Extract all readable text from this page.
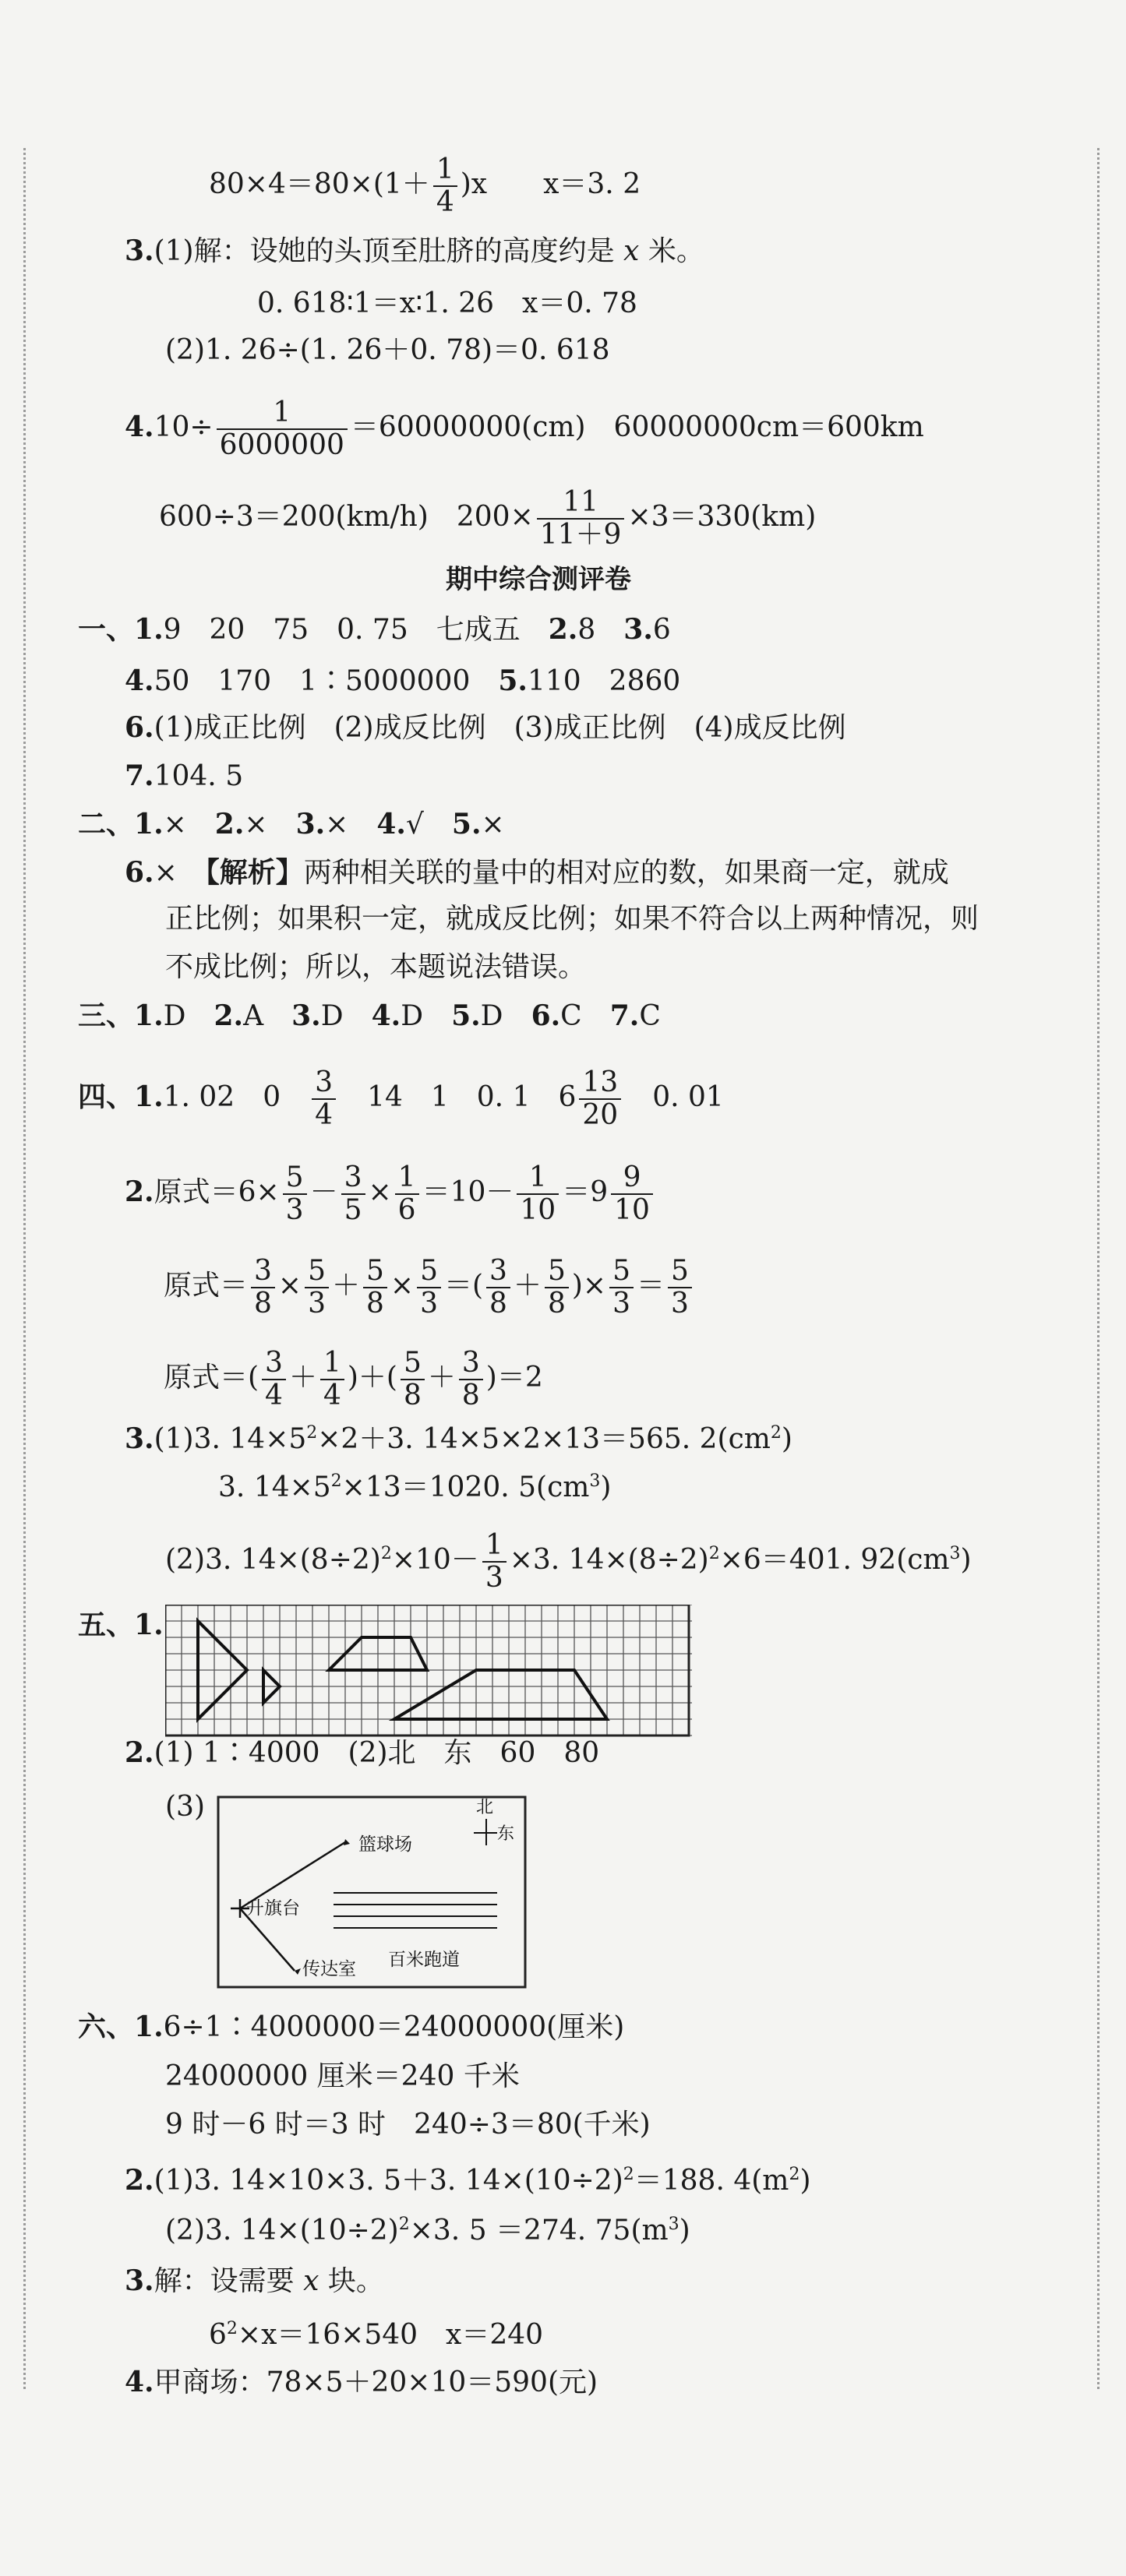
$80\times 4=80\times(1+ \frac{1}{4} )x$　　 x＝3. 2
3.(1)解：设她的头顶至肚脐的高度约是 x 米。
0. 618∶1＝x∶1. 26　x＝0. 78
(2)1. 26÷(1. 26＋0. 78)＝0. 618
$4.10\div \frac{1}{6000000} =60000000(cm)$　60000000cm＝600km
600÷3＝200(km/h)　$200\times \frac{11}{11+9} \times 3=330(km)$
期中综合测评卷
一、1.9　20　75　0. 75　七成五　 2.8　 3.6
4.50　170　1∶5000000　 5.110　2860
6.(1)成正比例　(2)成反比例　(3)成正比例　(4)成反比例
7.104. 5
二、1.×　 2.×　 3.×　 4.√　 5.×
6.×　 【解析】两种相关联的量中的相对应的数，如果商一定，就成
正比例；如果积一定，就成反比例；如果不符合以上两种情况，则
不成比例；所以，本题说法错误。
三、1.D　 2.A　 3.D　 4.D　 5.D　 6.C　 7.C
四、1.1. 02　0　 $\frac{3}{4}$
　 14　1　0. 1　$6 \frac{13}{20}$
　 0. 01
2.原式$=6\times \frac{5}{3} - \frac{3}{5} \times \frac{1}{6} =10- \frac{1}{10} =9 \frac{9}{10}$
原式＝ $\frac{3}{8} \times \frac{5}{3} + \frac{5}{8} \times \frac{5}{3}$ ＝( $\frac{3}{8} + \frac{5}{8}$ )× $\frac{5}{3} = \frac{5}{3}$
原式＝( $\frac{3}{4} + \frac{1}{4}$ )＋( $\frac{5}{8} + \frac{3}{8} )=2$
3.(1)3. $14\times 5^2\times 2+3$. 14×5×2×13＝565. $2(cm^2)$
3. $14\times 5^2\times 13=1020$. $5(cm^3)$
(2)3. $14\times(8\div 2)^2\times 10- \frac{1}{3} \times 3$. $14\times(8\div 2)^2\times 6=401$. $92(cm^3)$
五、1.
2.(1) 1∶4000　(2)北　东　60　80
(3)	北
东
篮球场
升旗台
传达室 百米跑道
六、1.6÷1∶4000000＝24000000(厘米)
24000000 厘米＝240 千米
9 时－6 时＝3 时　240÷3＝80(千米)
2.(1)3. 14×10×3. 5＋3. $14\times(10\div 2)^2=188$. $4(m^2)$
(2)3. $14\times(10\div 2)^2\times 3$. 5 ＝274. $75(m^3)$
3.解：设需要 x 块。
$6^2\times x=16\times 540$　x＝240
4.甲商场：78×5＋20×10＝590(元)
